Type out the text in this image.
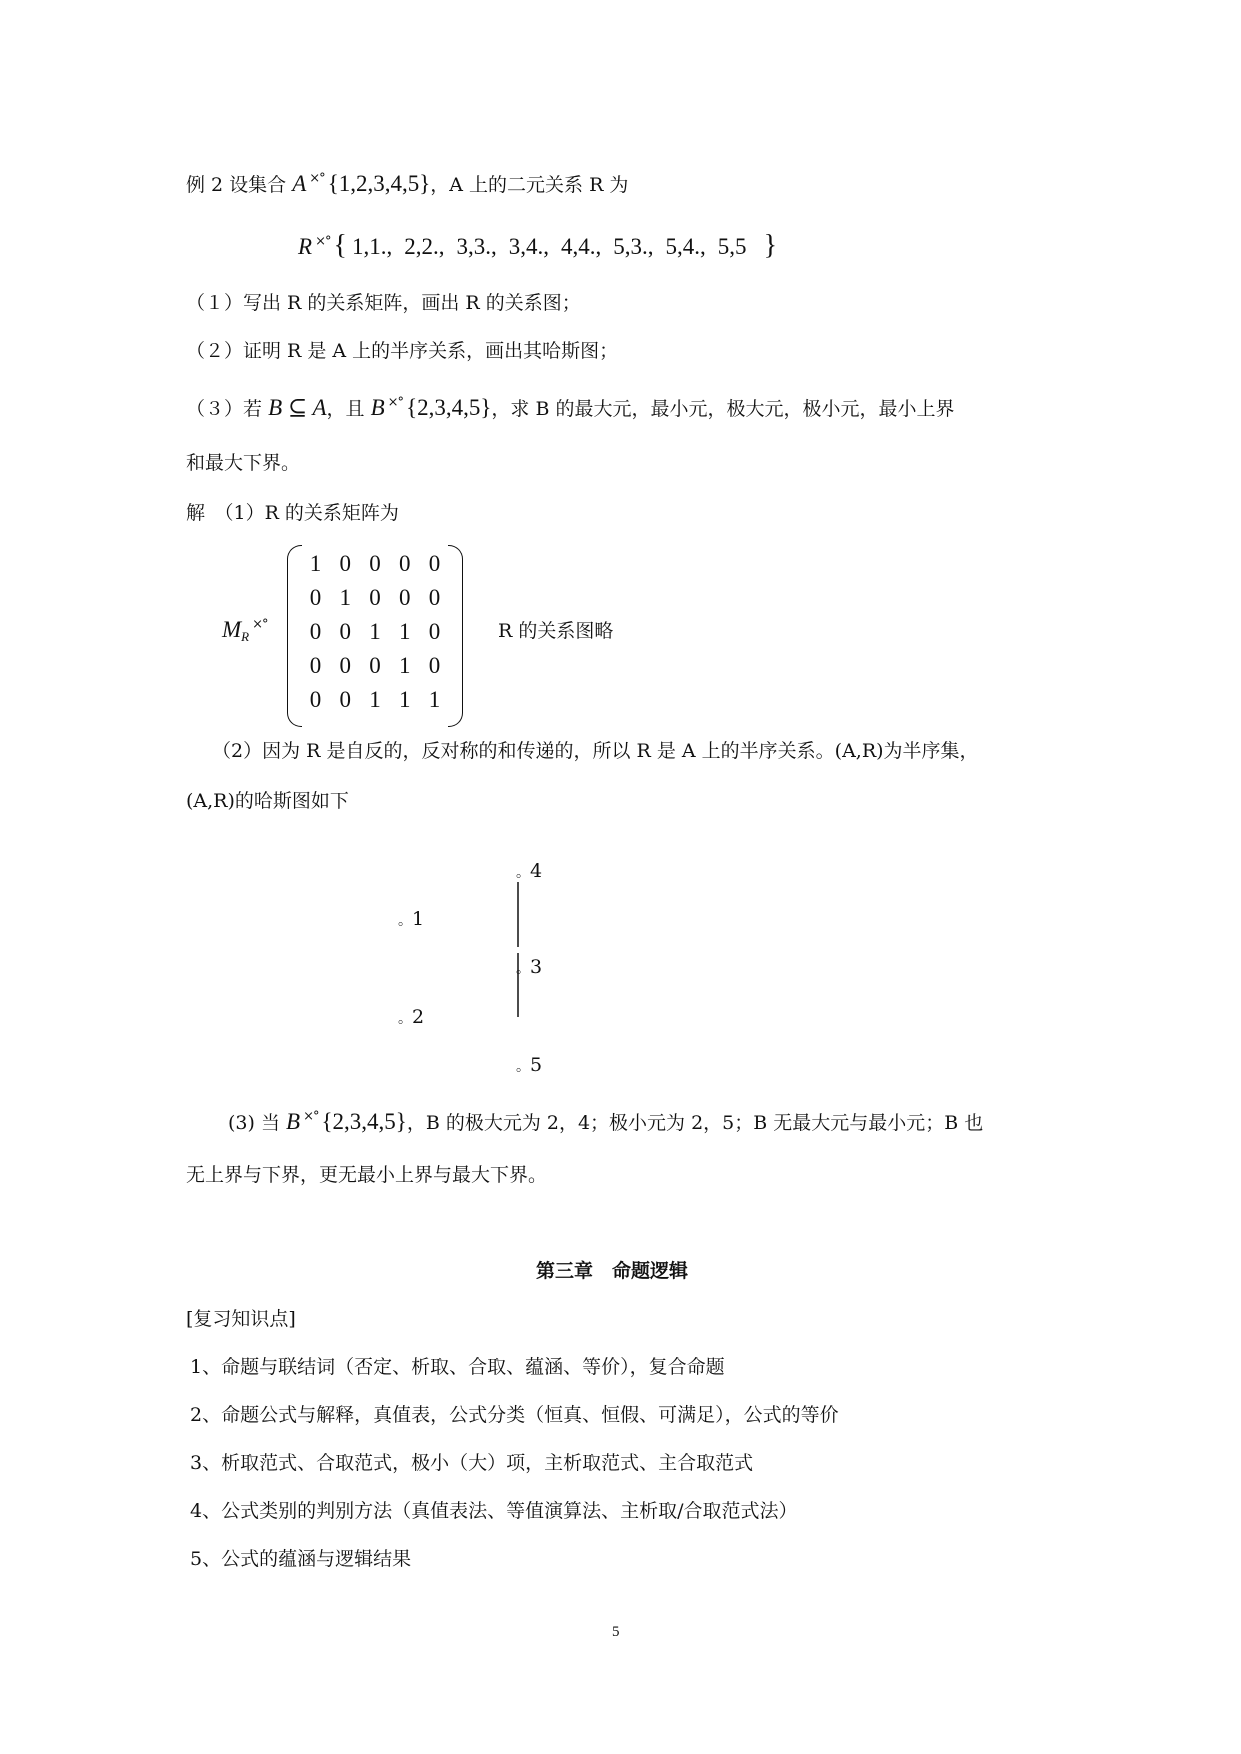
例 2 设集合 A ×° {1,2,3,4,5}，A 上的二元关系 R 为
R ×° { 1,1., 2,2., 3,3., 3,4., 4,4., 5,3., 5,4., 5,5 }
（１）写出 R 的关系矩阵，画出 R 的关系图；
（２）证明 R 是 A 上的半序关系，画出其哈斯图；
（３）若 B ⊆ A，且 B ×° {2,3,4,5}，求 B 的最大元，最小元，极大元，极小元，最小上界
和最大下界。
解　（1）R 的关系矩阵为
$M_R^{\times^\circ}$
1 0 0 0 0
0 1 0 0 0
0 0 1 1 0
0 0 0 1 0
0 0 1 1 1
R 的关系图略
（2）因为 R 是自反的，反对称的和传递的，所以 R 是 A 上的半序关系。(A,R)为半序集，
(A,R)的哈斯图如下
。1
。2
。4
。3
。5
(3) 当 B ×° {2,3,4,5}，B 的极大元为 2，4；极小元为 2，5；B 无最大元与最小元；B 也
无上界与下界，更无最小上界与最大下界。
第三章　命题逻辑
[复习知识点]
1、命题与联结词（否定、析取、合取、蕴涵、等价），复合命题
2、命题公式与解释，真值表，公式分类（恒真、恒假、可满足），公式的等价
3、析取范式、合取范式，极小（大）项，主析取范式、主合取范式
4、公式类别的判别方法（真值表法、等值演算法、主析取/合取范式法）
5、公式的蕴涵与逻辑结果
5
